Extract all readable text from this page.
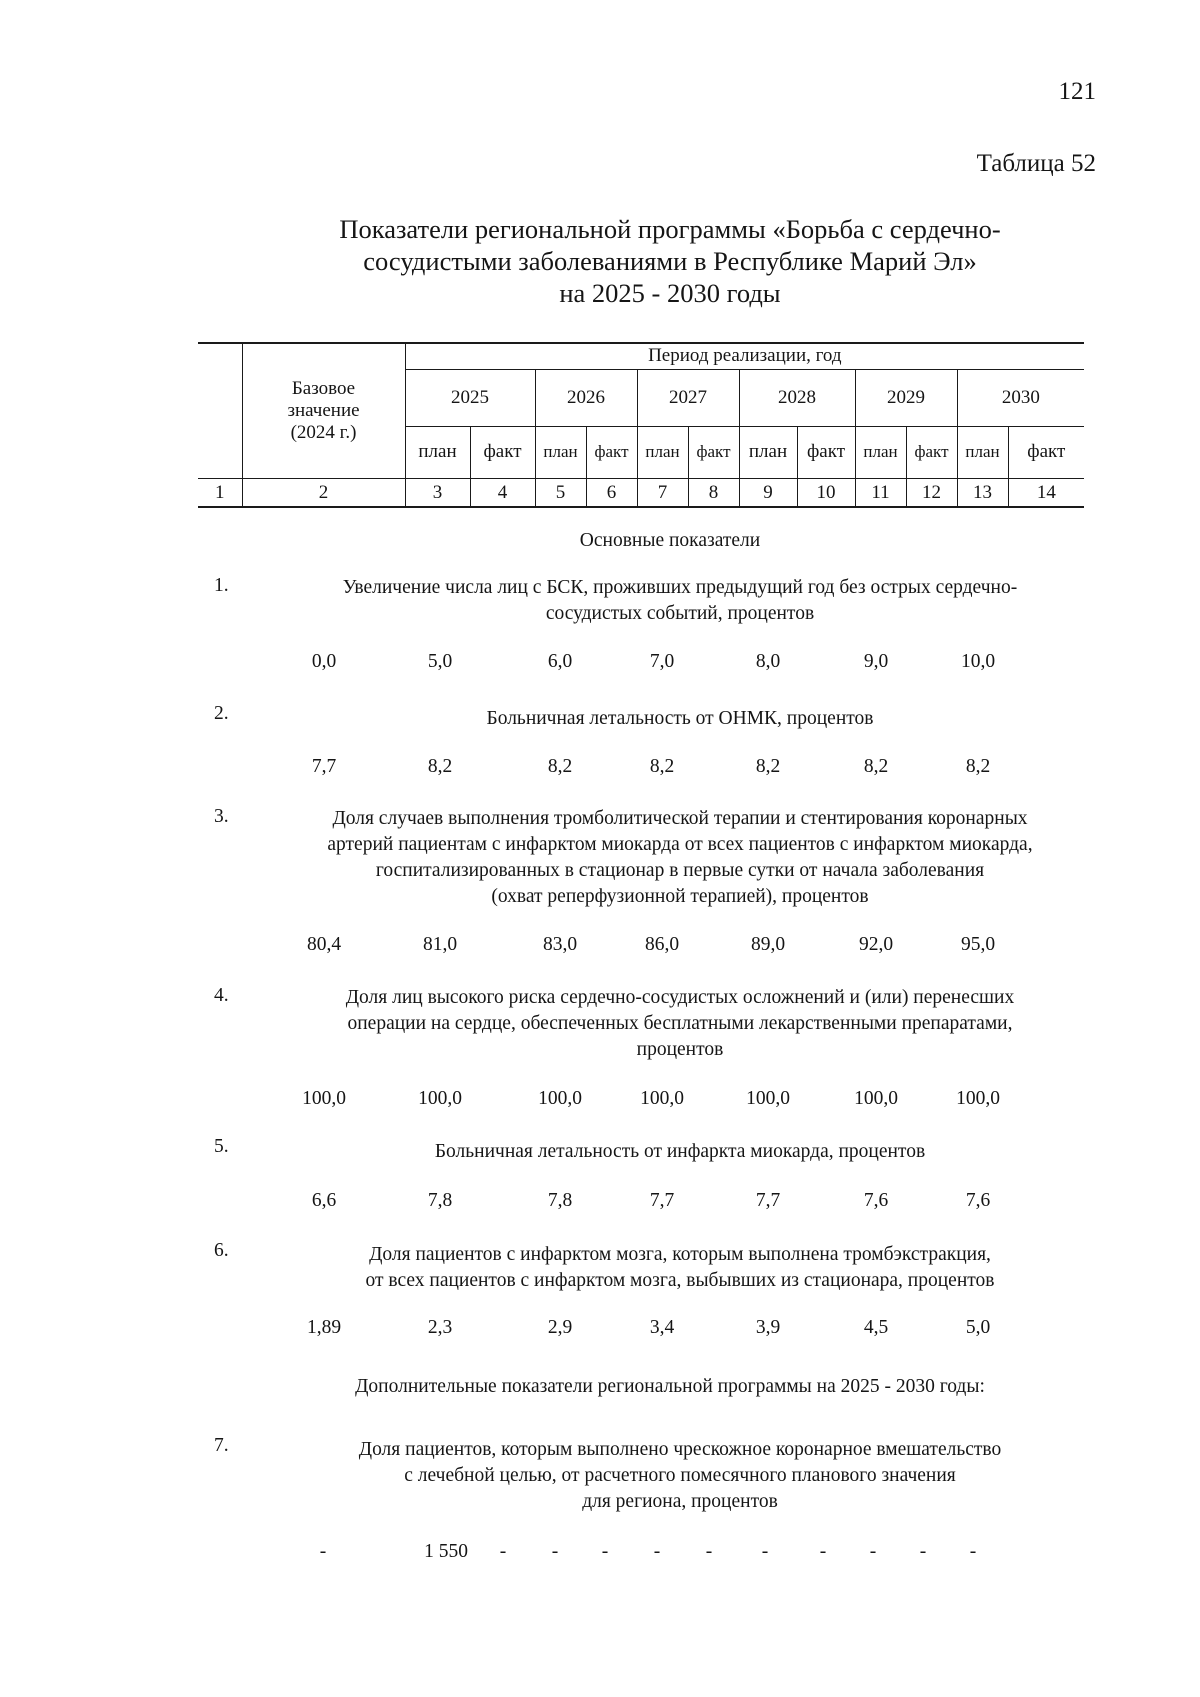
121
Таблица 52
Показатели региональной программы «Борьба с сердечно-
сосудистыми заболеваниями в Республике Марий Эл»
на 2025 - 2030 годы

	Базовое
значение
(2024 г.)	Период реализации, год											
		2025		2026		2027		2028		2029		2030	
		план	факт	план	факт	план	факт	план	факт	план	факт	план	факт
1	2	3	4	5	6	7	8	9	10	11	12	13	14
Основные показатели
1.	Увеличение числа лиц с БСК, проживших предыдущий год без острых сердечно-
сосудистых событий, процентов
0,0	5,0	6,0	7,0	8,0	9,0	10,0
2.	Больничная летальность от ОНМК, процентов
7,7	8,2	8,2	8,2	8,2	8,2	8,2
3.	Доля случаев выполнения тромболитической терапии и стентирования коронарных
артерий пациентам с инфарктом миокарда от всех пациентов с инфарктом миокарда,
госпитализированных в стационар в первые сутки от начала заболевания
(охват реперфузионной терапией), процентов
80,4	81,0	83,0	86,0	89,0	92,0	95,0
4.	Доля лиц высокого риска сердечно-сосудистых осложнений и (или) перенесших
операции на сердце, обеспеченных бесплатными лекарственными препаратами,
процентов
100,0	100,0	100,0	100,0	100,0	100,0	100,0
5.	Больничная летальность от инфаркта миокарда, процентов
6,6	7,8	7,8	7,7	7,7	7,6	7,6
6.	Доля пациентов с инфарктом мозга, которым выполнена тромбэкстракция,
от всех пациентов с инфарктом мозга, выбывших из стационара, процентов
1,89	2,3	2,9	3,4	3,9	4,5	5,0
Дополнительные показатели региональной программы на 2025 - 2030 годы:
7.	Доля пациентов, которым выполнено чрескожное коронарное вмешательство
с лечебной целью, от расчетного помесячного планового значения
для региона, процентов
-	1 550	-	-	-	-	-	-	-	-	-	-
